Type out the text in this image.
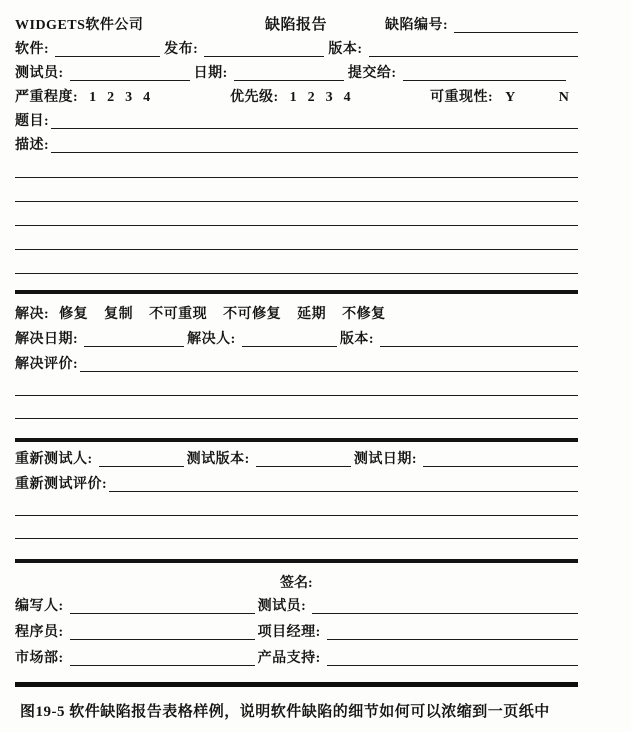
WIDGETS软件公司	缺陷报告	缺陷编号:
软件:	发布:	版本:
测试员:	日期:	提交给:
严重程度: 1 2 3 4	优先级: 1 2 3 4	可重现性: Y	N
题目:
描述:
解决: 修复 复制 不可重现 不可修复 延期 不修复
解决日期:	解决人:	版本:
解决评价:
重新测试人:	测试版本:	测试日期:
重新测试评价:
签名:
编写人:	测试员:
程序员:	项目经理:
市场部:	产品支持:
图19-5 软件缺陷报告表格样例，说明软件缺陷的细节如何可以浓缩到一页纸中
